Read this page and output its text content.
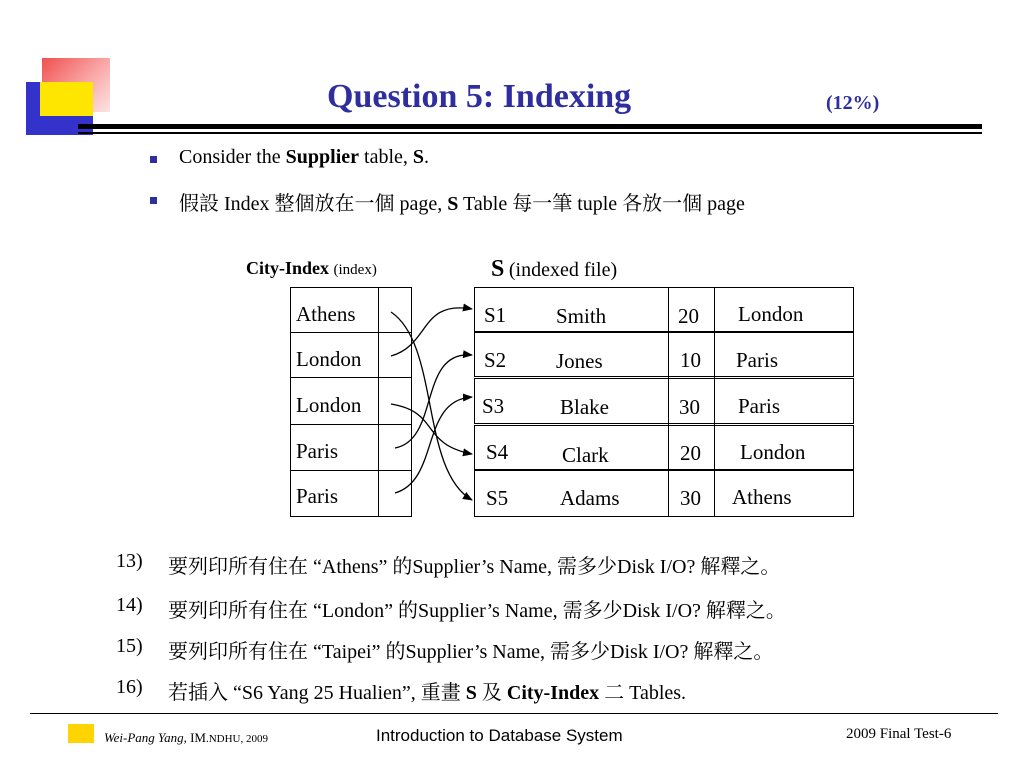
Question 5: Indexing	(12%)
Consider the Supplier table, S.
假設 Index 整個放在一個 page, S Table 每一筆 tuple 各放一個 page
City-Index (index)	S (indexed file)
Athens
London
London
Paris
Paris
S1 Smith	20 London
S2 Jones	10 Paris
S3	Blake	30 Paris
S4	Clark	20 London
S5 Adams	30 Athens
13) 要列印所有住在 “Athens” 的Supplier’s Name, 需多少Disk I/O? 解釋之。
14) 要列印所有住在 “London” 的Supplier’s Name, 需多少Disk I/O? 解釋之。
15) 要列印所有住在 “Taipei” 的Supplier’s Name, 需多少Disk I/O? 解釋之。
16) 若插入 “S6 Yang 25 Hualien”, 重畫 S 及 City-Index 二 Tables.
Wei-Pang Yang, IM.NDHU, 2009	Introduction to Database System	2009 Final Test-6
